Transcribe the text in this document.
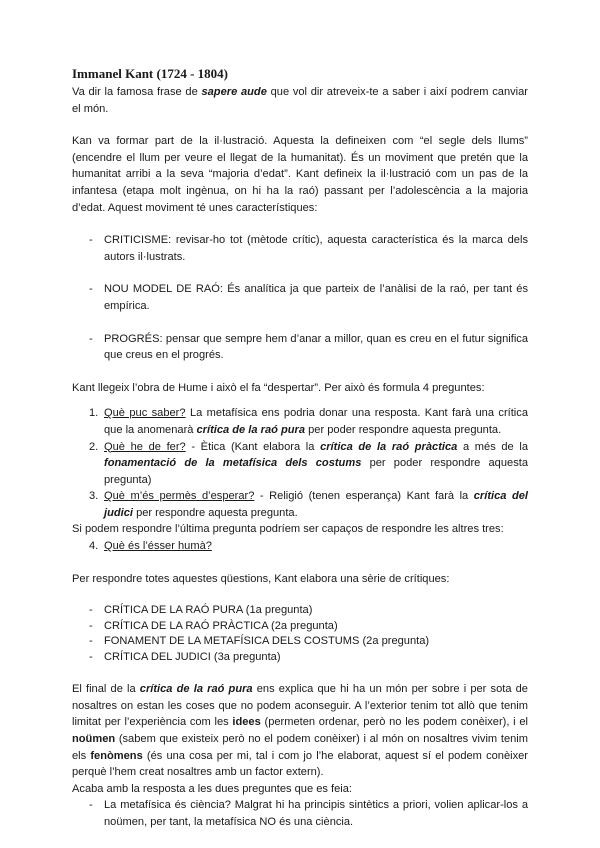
Immanel Kant (1724 - 1804)

Va dir la famosa frase de sapere aude que vol dir atreveix-te a saber i així podrem canviar el món.

Kan va formar part de la il·lustració. Aquesta la defineixen com “el segle dels llums” (encendre el llum per veure el llegat de la humanitat). És un moviment que pretén que la humanitat arribi a la seva “majoria d’edat”. Kant defineix la il·lustració com un pas de la infantesa (etapa molt ingènua, on hi ha la raó) passant per l’adolescència a la majoria d’edat. Aquest moviment té unes característiques:

- CRITICISME: revisar-ho tot (mètode crític), aquesta característica és la marca dels autors il·lustrats.
- NOU MODEL DE RAÓ: És analítica ja que parteix de l’anàlisi de la raó, per tant és empírica.
- PROGRÉS: pensar que sempre hem d’anar a millor, quan es creu en el futur significa que creus en el progrés.

Kant llegeix l’obra de Hume i això el fa “despertar”. Per això és formula 4 preguntes:

1. Què puc saber? La metafísica ens podria donar una resposta. Kant farà una crítica que la anomenarà crítica de la raó pura per poder respondre aquesta pregunta.
2. Què he de fer? - Ètica (Kant elabora la crítica de la raó pràctica a més de la fonamentació de la metafísica dels costums per poder respondre aquesta pregunta)
3. Què m’és permès d’esperar? - Religió (tenen esperança) Kant farà la crítica del judici per respondre aquesta pregunta.

Si podem respondre l’última pregunta podríem ser capaços de respondre les altres tres:

4. Què és l’ésser humà?

Per respondre totes aquestes qüestions, Kant elabora una sèrie de crítiques:

- CRÍTICA DE LA RAÓ PURA (1a pregunta)
- CRÍTICA DE LA RAÓ PRÀCTICA (2a pregunta)
- FONAMENT DE LA METAFÍSICA DELS COSTUMS (2a pregunta)
- CRÍTICA DEL JUDICI (3a pregunta)

El final de la crítica de la raó pura ens explica que hi ha un món per sobre i per sota de nosaltres on estan les coses que no podem aconseguir. A l’exterior tenim tot allò que tenim limitat per l’experiència com les idees (permeten ordenar, però no les podem conèixer), i el noümen (sabem que existeix però no el podem conèixer) i al món on nosaltres vivim tenim els fenòmens (és una cosa per mi, tal i com jo l’he elaborat, aquest sí el podem conèixer perquè l’hem creat nosaltres amb un factor extern).

Acaba amb la resposta a les dues preguntes que es feia:

- La metafísica és ciència? Malgrat hi ha principis sintètics a priori, volien aplicar-los a noümen, per tant, la metafísica NO és una ciència.
